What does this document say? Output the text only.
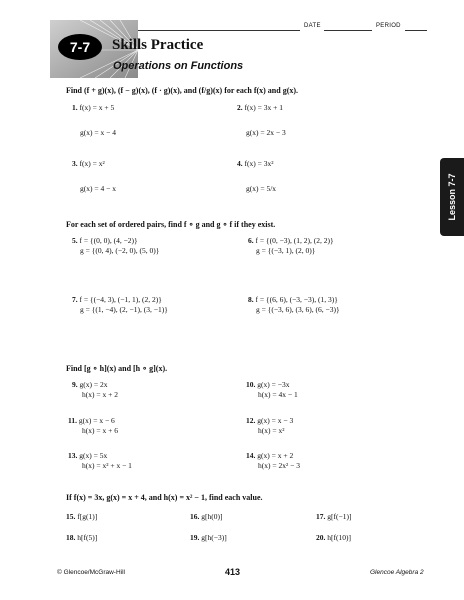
DATE	PERIOD
7-7	Skills Practice
Operations on Functions
Lesson 7-7
Find (f + g)(x), (f − g)(x), (f · g)(x), and (f/g)(x) for each f(x) and g(x).
1. f(x) = x + 5
g(x) = x − 4
2. f(x) = 3x + 1
g(x) = 2x − 3
3. f(x) = x²
g(x) = 4 − x
4. f(x) = 3x²
g(x) = 5/x
For each set of ordered pairs, find f ∘ g and g ∘ f if they exist.
5. f = {(0, 0), (4, −2)}
g = {(0, 4), (−2, 0), (5, 0)}
6. f = {(0, −3), (1, 2), (2, 2)}
g = {(−3, 1), (2, 0)}
7. f = {(−4, 3), (−1, 1), (2, 2)}
g = {(1, −4), (2, −1), (3, −1)}
8. f = {(6, 6), (−3, −3), (1, 3)}
g = {(−3, 6), (3, 6), (6, −3)}
Find [g ∘ h](x) and [h ∘ g](x).
9. g(x) = 2x
h(x) = x + 2
10. g(x) = −3x
h(x) = 4x − 1
11. g(x) = x − 6
h(x) = x + 6
12. g(x) = x − 3
h(x) = x²
13. g(x) = 5x
h(x) = x² + x − 1
14. g(x) = x + 2
h(x) = 2x² − 3
If f(x) = 3x, g(x) = x + 4, and h(x) = x² − 1, find each value.
15. f[g(1)]	16. g[h(0)]	17. g[f(−1)]
18. h[f(5)]	19. g[h(−3)]	20. h[f(10)]
© Glencoe/McGraw-Hill	413	Glencoe Algebra 2
